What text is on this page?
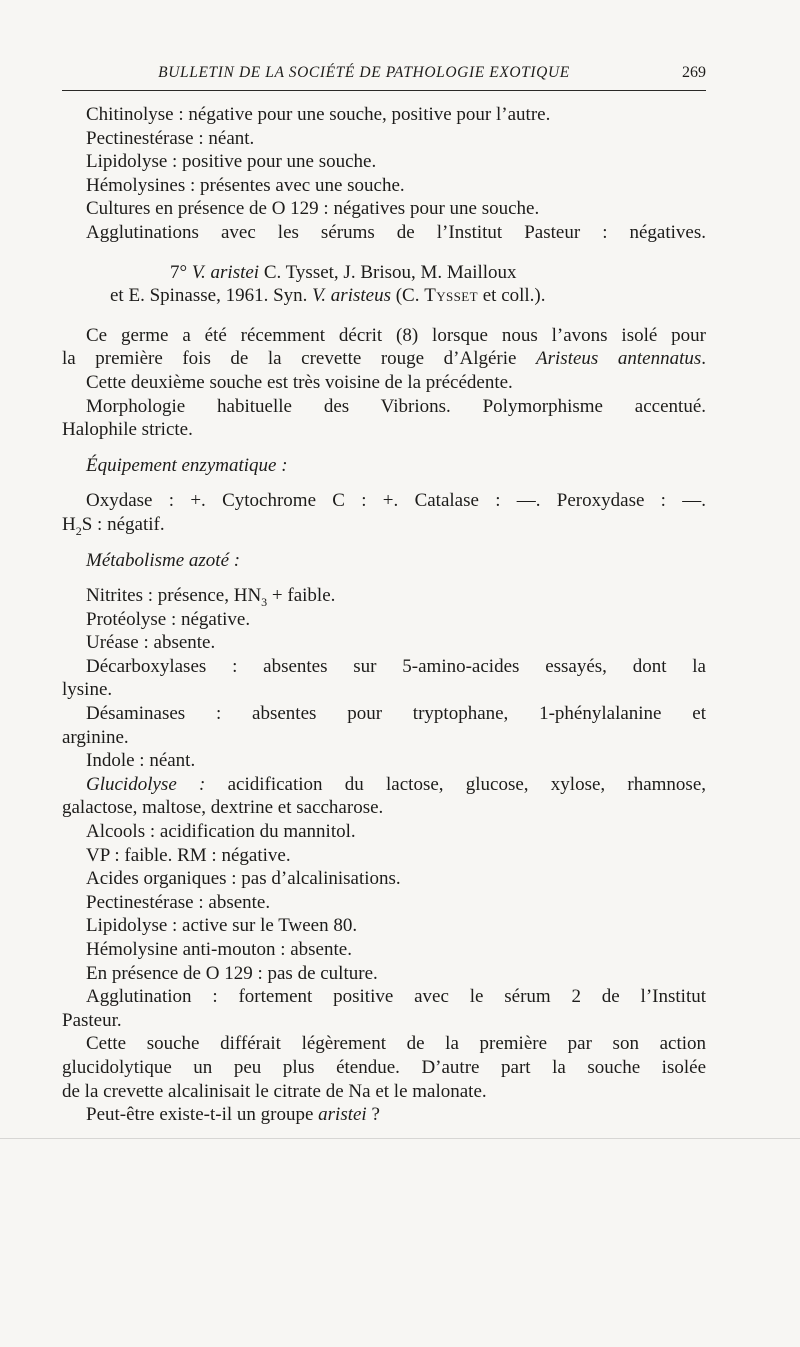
BULLETIN DE LA SOCIÉTÉ DE PATHOLOGIE EXOTIQUE	269
Chitinolyse : négative pour une souche, positive pour l’autre.
Pectinestérase : néant.
Lipidolyse : positive pour une souche.
Hémolysines : présentes avec une souche.
Cultures en présence de O 129 : négatives pour une souche.
Agglutinations avec les sérums de l’Institut Pasteur : négatives.
7° V. aristei C. Tysset, J. Brisou, M. Mailloux
et E. Spinasse, 1961. Syn. V. aristeus (C. Tysset et coll.).
Ce germe a été récemment décrit (8) lorsque nous l’avons isolé pour
la première fois de la crevette rouge d’Algérie Aristeus antennatus.
Cette deuxième souche est très voisine de la précédente.
Morphologie habituelle des Vibrions. Polymorphisme accentué.
Halophile stricte.
Équipement enzymatique :
Oxydase : +. Cytochrome C : +. Catalase : —. Peroxydase : —.
$H_2S$ : négatif.
Métabolisme azoté :
Nitrites : présence, $HN_3$ + faible.
Protéolyse : négative.
Uréase : absente.
Décarboxylases : absentes sur 5-amino-acides essayés, dont la
lysine.
Désaminases : absentes pour tryptophane, 1-phénylalanine et
arginine.
Indole : néant.
Glucidolyse : acidification du lactose, glucose, xylose, rhamnose,
galactose, maltose, dextrine et saccharose.
Alcools : acidification du mannitol.
VP : faible. RM : négative.
Acides organiques : pas d’alcalinisations.
Pectinestérase : absente.
Lipidolyse : active sur le Tween 80.
Hémolysine anti-mouton : absente.
En présence de O 129 : pas de culture.
Agglutination : fortement positive avec le sérum 2 de l’Institut
Pasteur.
Cette souche différait légèrement de la première par son action
glucidolytique un peu plus étendue. D’autre part la souche isolée
de la crevette alcalinisait le citrate de Na et le malonate.
Peut-être existe-t-il un groupe aristei ?
